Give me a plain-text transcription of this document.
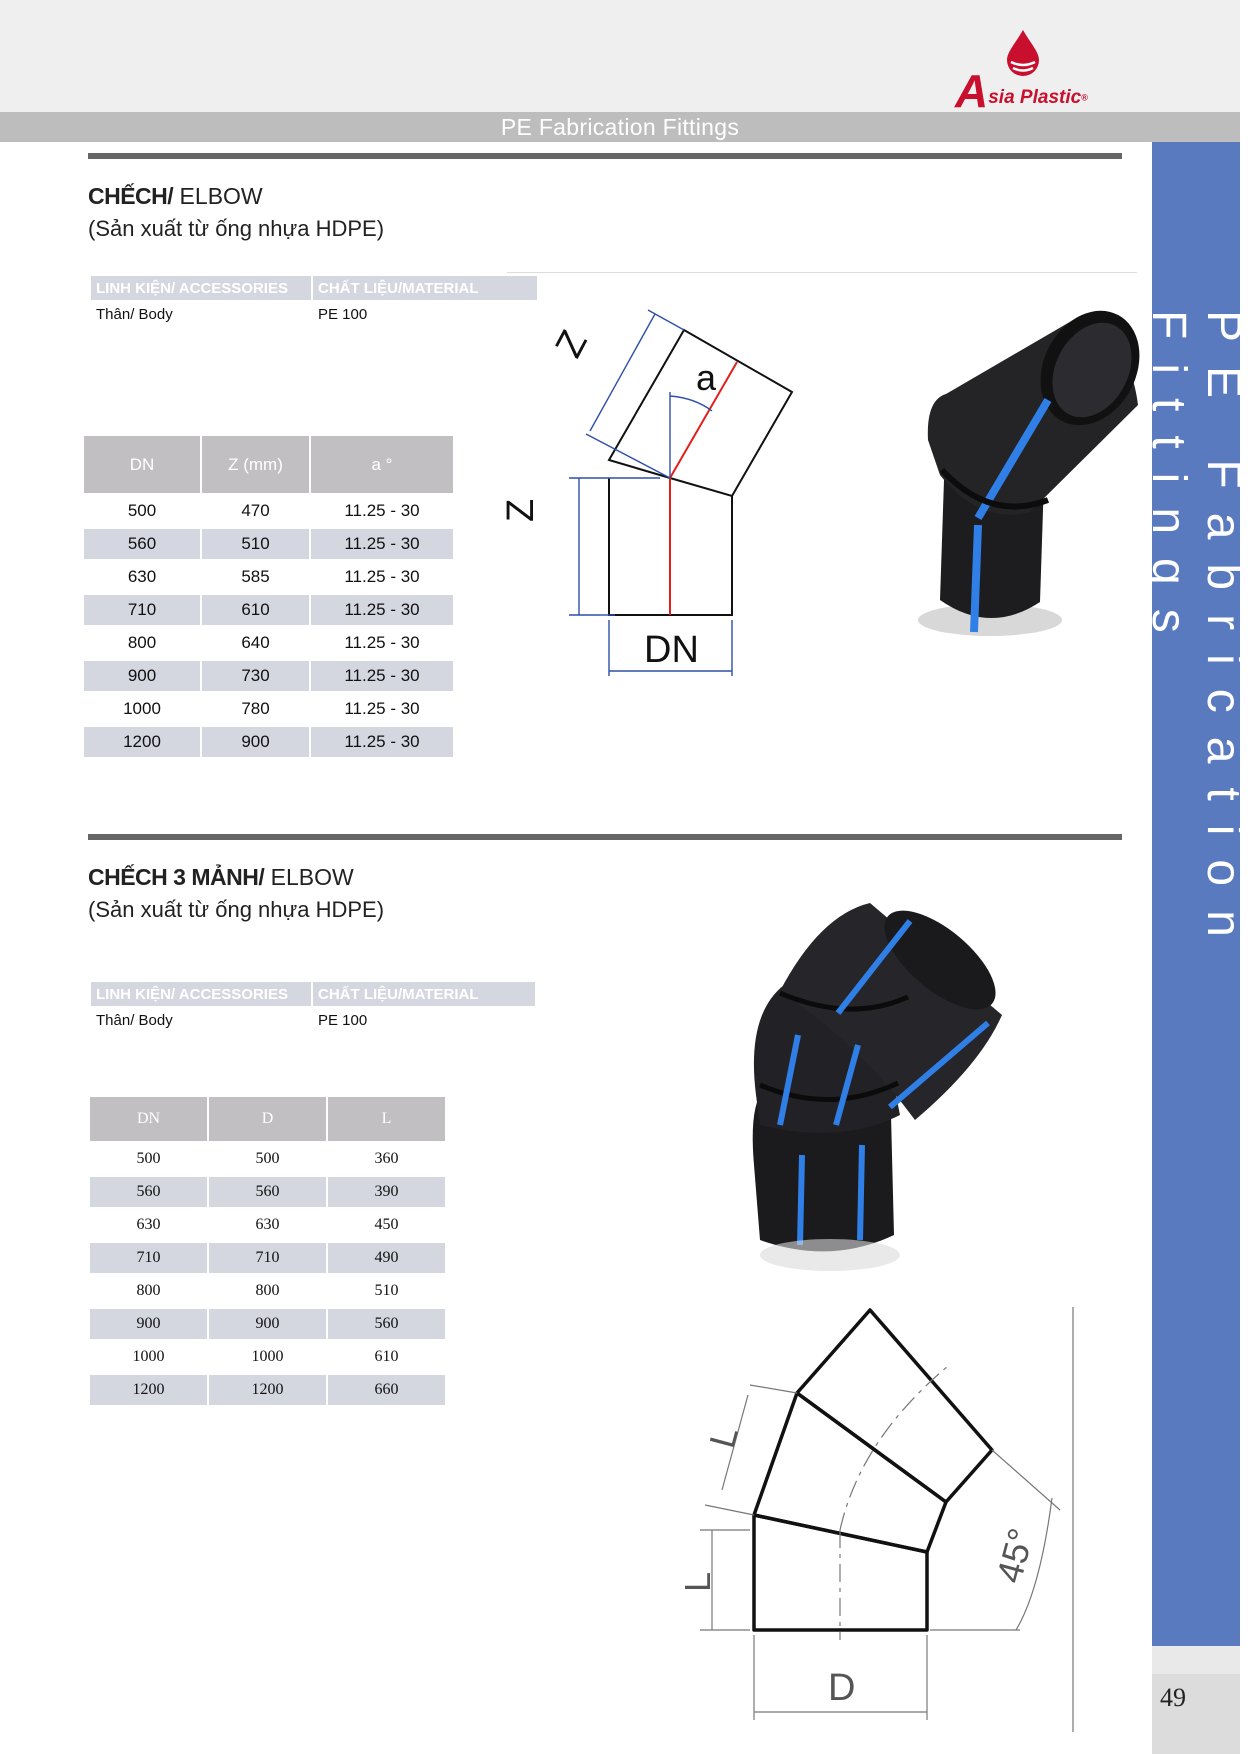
PE Fabrication Fittings
Asia Plastic®
PE Fabrication Fittings
49
CHẾCH/ ELBOW
(Sản xuất từ ống nhựa HDPE)
LINH KIỆN/ ACCESSORIES	CHẤT LIỆU/MATERIAL
Thân/ Body	PE 100
DN	Z (mm)	a °
500	470	11.25 - 30
560	510	11.25 - 30
630	585	11.25 - 30
710	610	11.25 - 30
800	640	11.25 - 30
900	730	11.25 - 30
1000	780	11.25 - 30
1200	900	11.25 - 30
a
Z
Z
DN
CHẾCH 3 MẢNH/ ELBOW
(Sản xuất từ ống nhựa HDPE)
LINH KIỆN/ ACCESSORIES	CHẤT LIỆU/MATERIAL
Thân/ Body	PE 100
DN	D	L
500	500	360
560	560	390
630	630	450
710	710	490
800	800	510
900	900	560
1000	1000	610
1200	1200	660
L
L
D
45°
